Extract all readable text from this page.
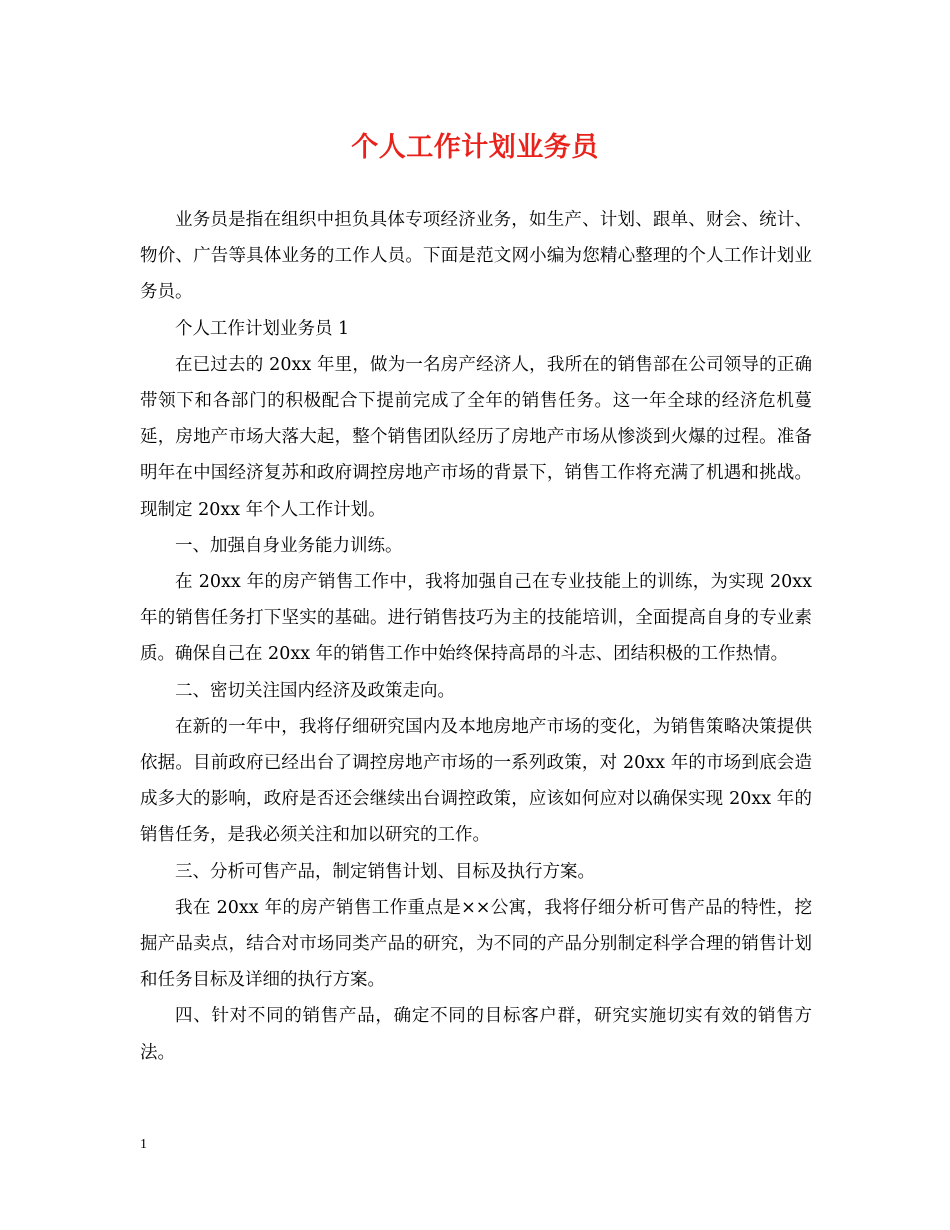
个人工作计划业务员

业务员是指在组织中担负具体专项经济业务，如生产、计划、跟单、财会、统计、物价、广告等具体业务的工作人员。下面是范文网小编为您精心整理的个人工作计划业务员。

个人工作计划业务员 1

在已过去的 20xx 年里，做为一名房产经济人，我所在的销售部在公司领导的正确带领下和各部门的积极配合下提前完成了全年的销售任务。这一年全球的经济危机蔓延，房地产市场大落大起，整个销售团队经历了房地产市场从惨淡到火爆的过程。准备明年在中国经济复苏和政府调控房地产市场的背景下，销售工作将充满了机遇和挑战。现制定 20xx 年个人工作计划。

一、加强自身业务能力训练。

在 20xx 年的房产销售工作中，我将加强自己在专业技能上的训练，为实现 20xx 年的销售任务打下坚实的基础。进行销售技巧为主的技能培训，全面提高自身的专业素质。确保自己在 20xx 年的销售工作中始终保持高昂的斗志、团结积极的工作热情。

二、密切关注国内经济及政策走向。

在新的一年中，我将仔细研究国内及本地房地产市场的变化，为销售策略决策提供依据。目前政府已经出台了调控房地产市场的一系列政策，对 20xx 年的市场到底会造成多大的影响，政府是否还会继续出台调控政策，应该如何应对以确保实现 20xx 年的销售任务，是我必须关注和加以研究的工作。

三、分析可售产品，制定销售计划、目标及执行方案。

我在 20xx 年的房产销售工作重点是××公寓，我将仔细分析可售产品的特性，挖掘产品卖点，结合对市场同类产品的研究，为不同的产品分别制定科学合理的销售计划和任务目标及详细的执行方案。

四、针对不同的销售产品，确定不同的目标客户群，研究实施切实有效的销售方法。

1
